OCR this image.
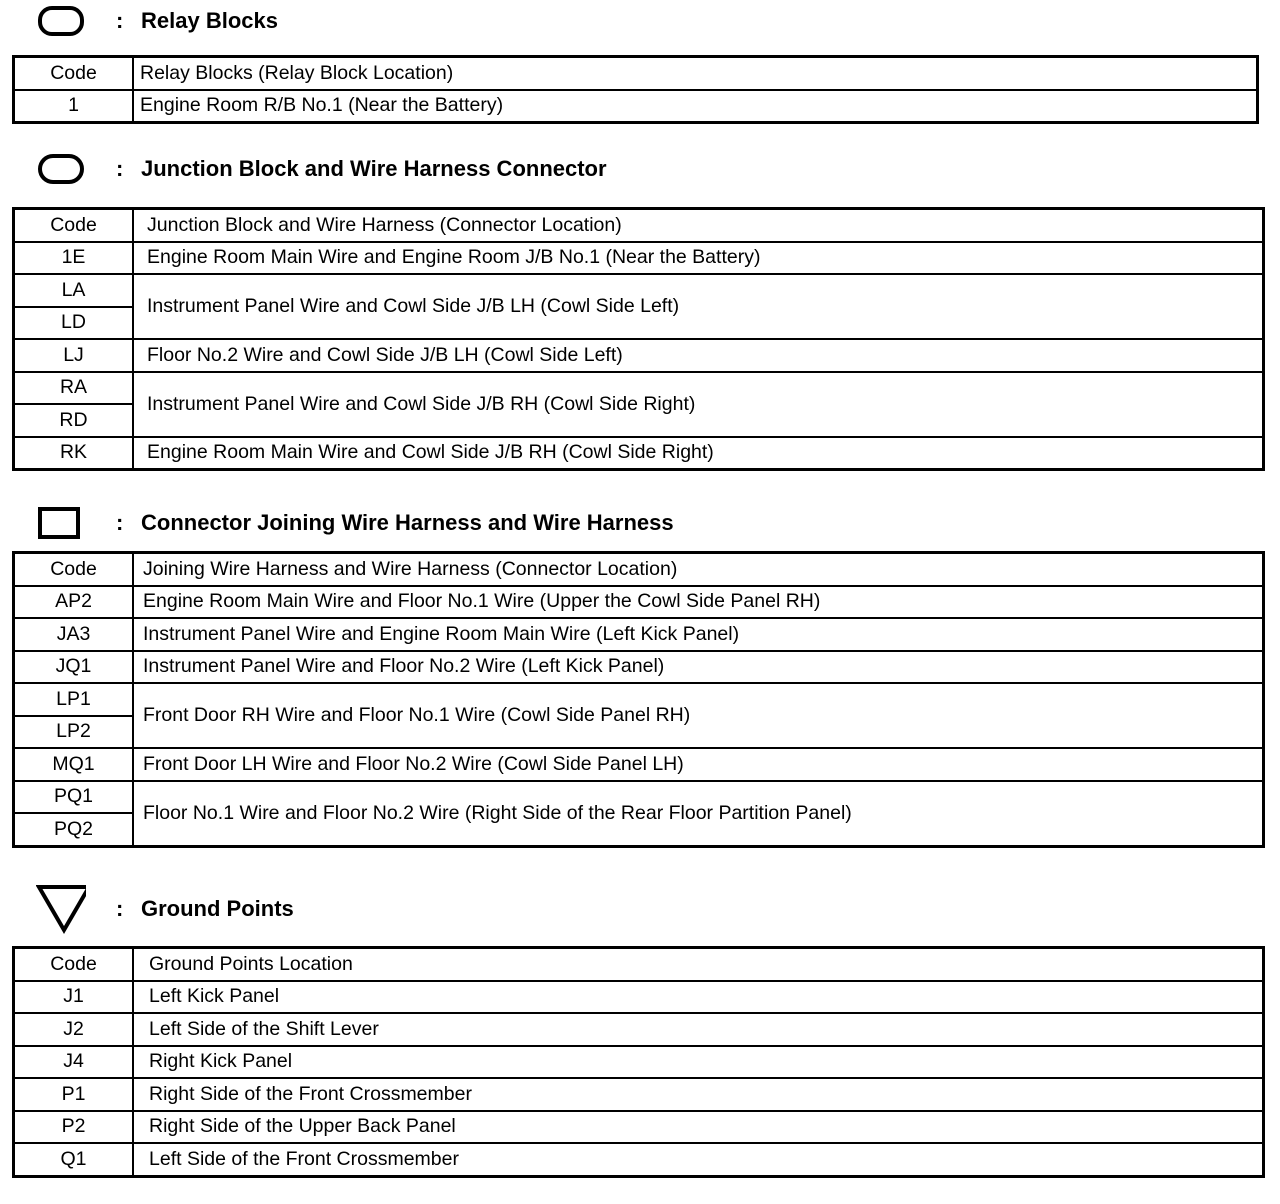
: Relay Blocks
Code	Relay Blocks (Relay Block Location)
1	Engine Room R/B No.1 (Near the Battery)
: Junction Block and Wire Harness Connector
Code	Junction Block and Wire Harness (Connector Location)
1E	Engine Room Main Wire and Engine Room J/B No.1 (Near the Battery)
LA	Instrument Panel Wire and Cowl Side J/B LH (Cowl Side Left)
LD	
LJ	Floor No.2 Wire and Cowl Side J/B LH (Cowl Side Left)
RA	Instrument Panel Wire and Cowl Side J/B RH (Cowl Side Right)
RD	
RK	Engine Room Main Wire and Cowl Side J/B RH (Cowl Side Right)
: Connector Joining Wire Harness and Wire Harness
Code	Joining Wire Harness and Wire Harness (Connector Location)
AP2	Engine Room Main Wire and Floor No.1 Wire (Upper the Cowl Side Panel RH)
JA3	Instrument Panel Wire and Engine Room Main Wire (Left Kick Panel)
JQ1	Instrument Panel Wire and Floor No.2 Wire (Left Kick Panel)
LP1	Front Door RH Wire and Floor No.1 Wire (Cowl Side Panel RH)
LP2	
MQ1	Front Door LH Wire and Floor No.2 Wire (Cowl Side Panel LH)
PQ1	Floor No.1 Wire and Floor No.2 Wire (Right Side of the Rear Floor Partition Panel)
PQ2	
: Ground Points
Code	Ground Points Location
J1	Left Kick Panel
J2	Left Side of the Shift Lever
J4	Right Kick Panel
P1	Right Side of the Front Crossmember
P2	Right Side of the Upper Back Panel
Q1	Left Side of the Front Crossmember
